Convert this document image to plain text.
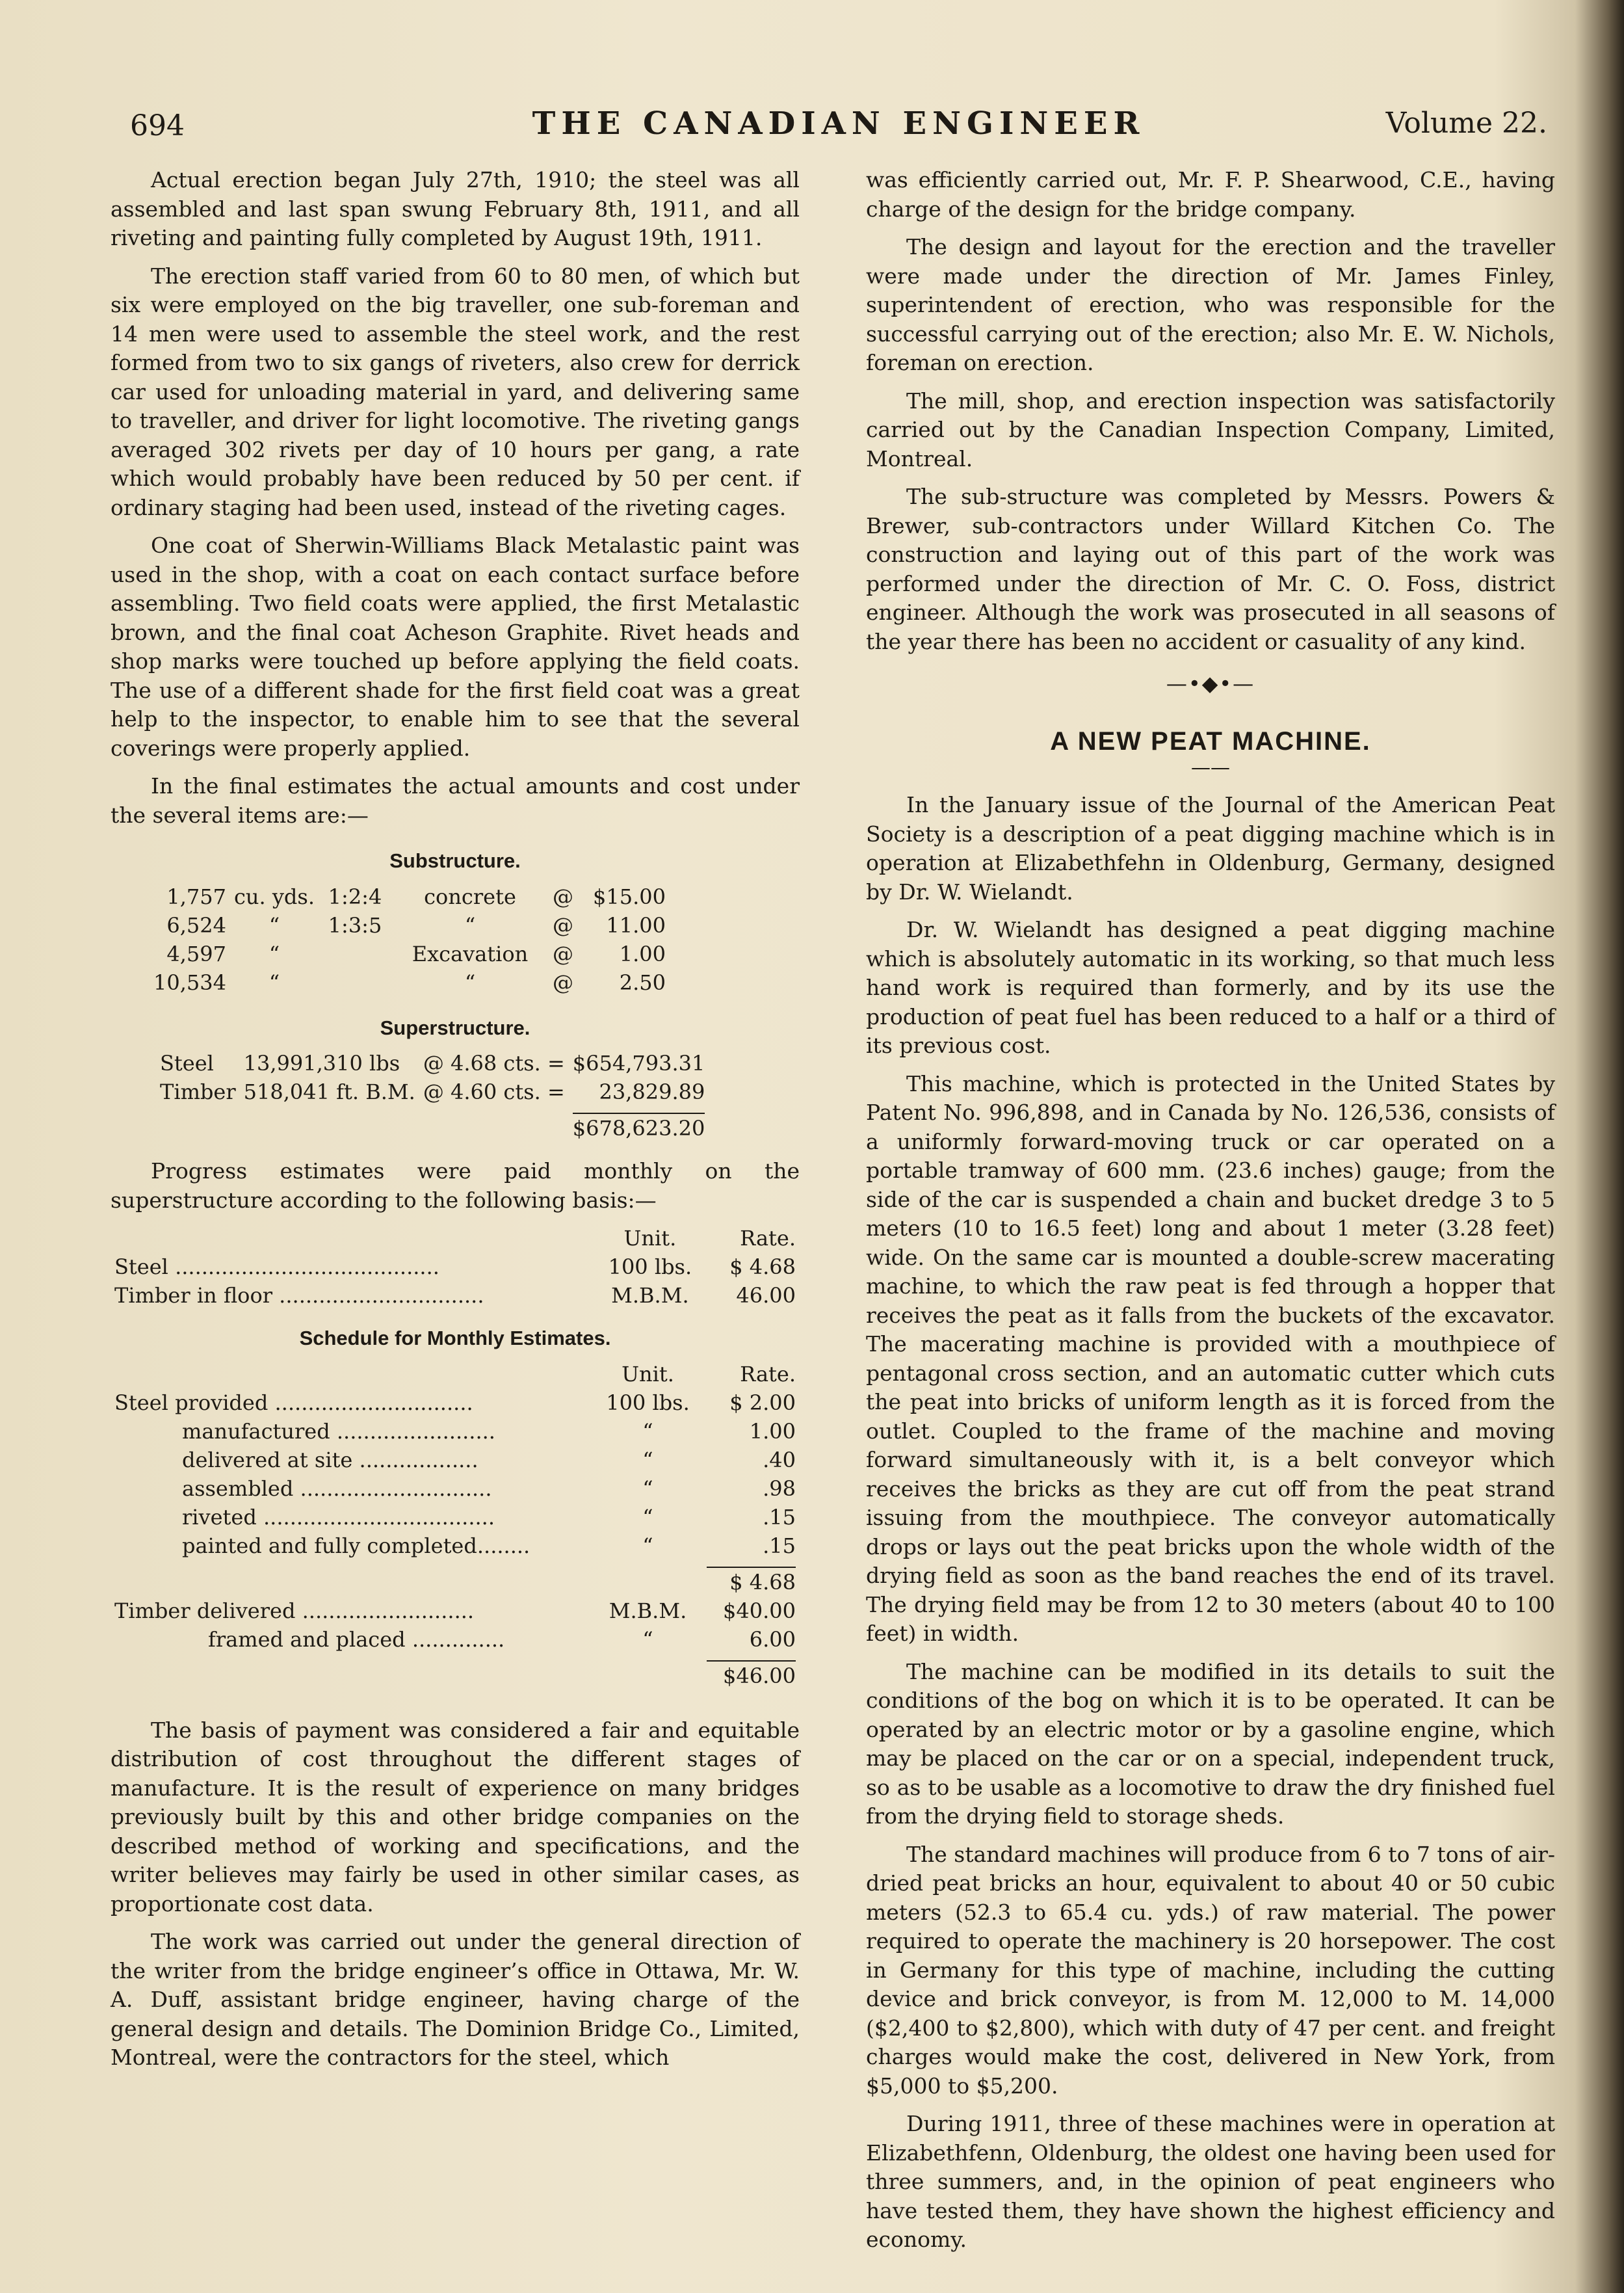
694	THE CANADIAN ENGINEER	Volume 22.

Actual erection began July 27th, 1910; the steel was all assembled and last span swung February 8th, 1911, and all riveting and painting fully completed by August 19th, 1911.

The erection staff varied from 60 to 80 men, of which but six were employed on the big traveller, one sub-foreman and 14 men were used to assemble the steel work, and the rest formed from two to six gangs of riveters, also crew for derrick car used for unloading material in yard, and delivering same to traveller, and driver for light locomotive. The riveting gangs averaged 302 rivets per day of 10 hours per gang, a rate which would probably have been reduced by 50 per cent. if ordinary staging had been used, instead of the riveting cages.

One coat of Sherwin-Williams Black Metalastic paint was used in the shop, with a coat on each contact surface before assembling. Two field coats were applied, the first Metalastic brown, and the final coat Acheson Graphite. Rivet heads and shop marks were touched up before applying the field coats. The use of a different shade for the first field coat was a great help to the inspector, to enable him to see that the several coverings were properly applied.

In the final estimates the actual amounts and cost under the several items are:—

Substructure.
1,757	cu. yds.	1:2:4	concrete	@	$15.00
6,524	“	1:3:5	“	@	11.00
4,597	“		Excavation	@	1.00
10,534	“		“	@	2.50
Superstructure.
Steel	13,991,310 lbs	@ 4.68 cts. =	$654,793.31
Timber	518,041 ft. B.M.	@ 4.60 cts. =	23,829.89

			$678,623.20

Progress estimates were paid monthly on the superstructure according to the following basis:—

	Unit.	Rate.
Steel ........................................	100 lbs.	$ 4.68
Timber in floor ...............................	M.B.M.	46.00
Schedule for Monthly Estimates.
	Unit.	Rate.
Steel provided ..............................	100 lbs.	$ 2.00
manufactured ........................	“	1.00
delivered at site ..................	“	.40
assembled .............................	“	.98
riveted ...................................	“	.15
painted and fully completed........	“	.15

		$ 4.68
Timber delivered ..........................	M.B.M.	$40.00
framed and placed ..............	“	6.00

		$46.00

The basis of payment was considered a fair and equitable distribution of cost throughout the different stages of manufacture. It is the result of experience on many bridges previously built by this and other bridge companies on the described method of working and specifications, and the writer believes may fairly be used in other similar cases, as proportionate cost data.

The work was carried out under the general direction of the writer from the bridge engineer’s office in Ottawa, Mr. W. A. Duff, assistant bridge engineer, having charge of the general design and details. The Dominion Bridge Co., Limited, Montreal, were the contractors for the steel, which

was efficiently carried out, Mr. F. P. Shearwood, C.E., having charge of the design for the bridge company.

The design and layout for the erection and the traveller were made under the direction of Mr. James Finley, superintendent of erection, who was responsible for the successful carrying out of the erection; also Mr. E. W. Nichols, foreman on erection.

The mill, shop, and erection inspection was satisfactorily carried out by the Canadian Inspection Company, Limited, Montreal.

The sub-structure was completed by Messrs. Powers & Brewer, sub-contractors under Willard Kitchen Co. The construction and laying out of this part of the work was performed under the direction of Mr. C. O. Foss, district engineer. Although the work was prosecuted in all seasons of the year there has been no accident or casuality of any kind.

—•◆•—
A NEW PEAT MACHINE.
——

In the January issue of the Journal of the American Peat Society is a description of a peat digging machine which is in operation at Elizabethfehn in Oldenburg, Germany, designed by Dr. W. Wielandt.

Dr. W. Wielandt has designed a peat digging machine which is absolutely automatic in its working, so that much less hand work is required than formerly, and by its use the production of peat fuel has been reduced to a half or a third of its previous cost.

This machine, which is protected in the United States by Patent No. 996,898, and in Canada by No. 126,536, consists of a uniformly forward-moving truck or car operated on a portable tramway of 600 mm. (23.6 inches) gauge; from the side of the car is suspended a chain and bucket dredge 3 to 5 meters (10 to 16.5 feet) long and about 1 meter (3.28 feet) wide. On the same car is mounted a double-screw macerating machine, to which the raw peat is fed through a hopper that receives the peat as it falls from the buckets of the excavator. The macerating machine is provided with a mouthpiece of pentagonal cross section, and an automatic cutter which cuts the peat into bricks of uniform length as it is forced from the outlet. Coupled to the frame of the machine and moving forward simultaneously with it, is a belt conveyor which receives the bricks as they are cut off from the peat strand issuing from the mouthpiece. The conveyor automatically drops or lays out the peat bricks upon the whole width of the drying field as soon as the band reaches the end of its travel. The drying field may be from 12 to 30 meters (about 40 to 100 feet) in width.

The machine can be modified in its details to suit the conditions of the bog on which it is to be operated. It can be operated by an electric motor or by a gasoline engine, which may be placed on the car or on a special, independent truck, so as to be usable as a locomotive to draw the dry finished fuel from the drying field to storage sheds.

The standard machines will produce from 6 to 7 tons of air-dried peat bricks an hour, equivalent to about 40 or 50 cubic meters (52.3 to 65.4 cu. yds.) of raw material. The power required to operate the machinery is 20 horsepower. The cost in Germany for this type of machine, including the cutting device and brick conveyor, is from M. 12,000 to M. 14,000 ($2,400 to $2,800), which with duty of 47 per cent. and freight charges would make the cost, delivered in New York, from $5,000 to $5,200.

During 1911, three of these machines were in operation at Elizabethfenn, Oldenburg, the oldest one having been used for three summers, and, in the opinion of peat engineers who have tested them, they have shown the highest efficiency and economy.
